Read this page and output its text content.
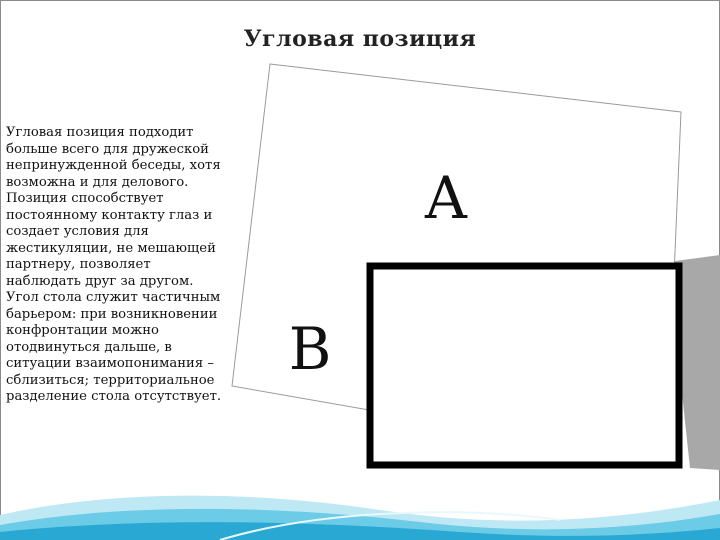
Угловая позиция
A
B
Угловая позиция подходит больше всего для дружеской непринужденной беседы, хотя возможна и для делового. Позиция способствует постоянному контакту глаз и создает условия для жестикуляции, не мешающей партнеру, позволяет наблюдать друг за другом. Угол стола служит частичным барьером: при возникновении конфронтации можно отодвинуться дальше, в ситуации взаимопонимания – сблизиться; территориальное разделение стола отсутствует.
